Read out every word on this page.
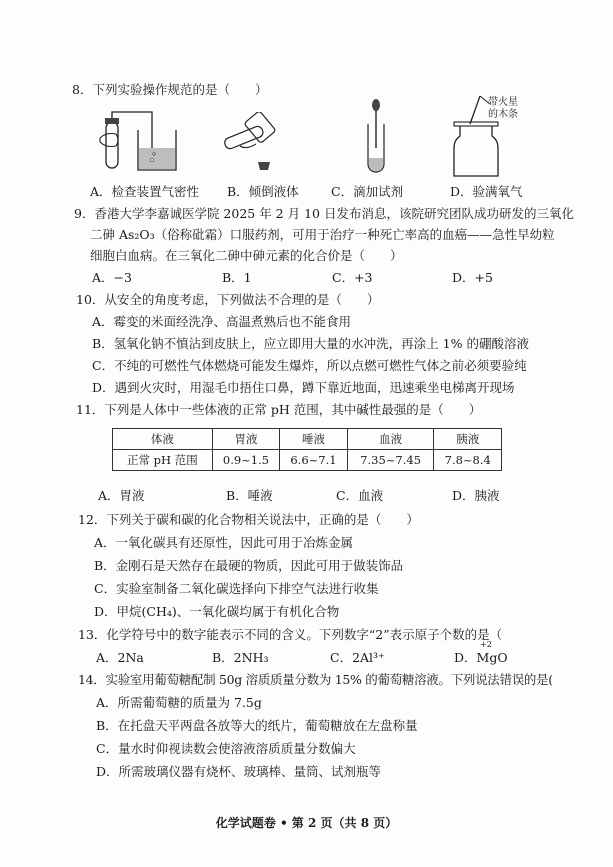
8．下列实验操作规范的是（　　）
带火星的木条
A．检查装置气密性 B．倾倒液体	C．滴加试剂	D．验满氧气
9．香港大学李嘉诚医学院 2025 年 2 月 10 日发布消息，该院研究团队成功研发的三氧化
二砷 As₂O₃（俗称砒霜）口服药剂，可用于治疗一种死亡率高的血癌——急性早幼粒
细胞白血病。在三氧化二砷中砷元素的化合价是（　　）
A．−3	B．1	C．+3	D．+5
10．从安全的角度考虑，下列做法不合理的是（　　）
A．霉变的米面经洗净、高温煮熟后也不能食用
B．氢氧化钠不慎沾到皮肤上，应立即用大量的水冲洗，再涂上 1% 的硼酸溶液
C．不纯的可燃性气体燃烧可能发生爆炸，所以点燃可燃性气体之前必须要验纯
D．遇到火灾时，用湿毛巾捂住口鼻，蹲下靠近地面，迅速乘坐电梯离开现场
11．下列是人体中一些体液的正常 pH 范围，其中碱性最强的是（　　）
体液	胃液	唾液	血液	胰液
正常 pH 范围	0.9~1.5	6.6~7.1	7.35~7.45	7.8~8.4
A．胃液	B．唾液	C．血液	D．胰液
12．下列关于碳和碳的化合物相关说法中，正确的是（　　）
A．一氧化碳具有还原性，因此可用于冶炼金属
B．金刚石是天然存在最硬的物质，因此可用于做装饰品
C．实验室制备二氧化碳选择向下排空气法进行收集
D．甲烷(CH₄)、一氧化碳均属于有机化合物
13．化学符号中的数字能表示不同的含义。下列数字“2”表示原子个数的是（
A．2Na	B．2NH₃	C．2Al³⁺	D．MgO
+2
14．实验室用葡萄糖配制 50g 溶质质量分数为 15% 的葡萄糖溶液。下列说法错误的是(
A．所需葡萄糖的质量为 7.5g
B．在托盘天平两盘各放等大的纸片，葡萄糖放在左盘称量
C．量水时仰视读数会使溶液溶质质量分数偏大
D．所需玻璃仪器有烧杯、玻璃棒、量筒、试剂瓶等
化学试题卷 • 第 2 页（共 8 页）
